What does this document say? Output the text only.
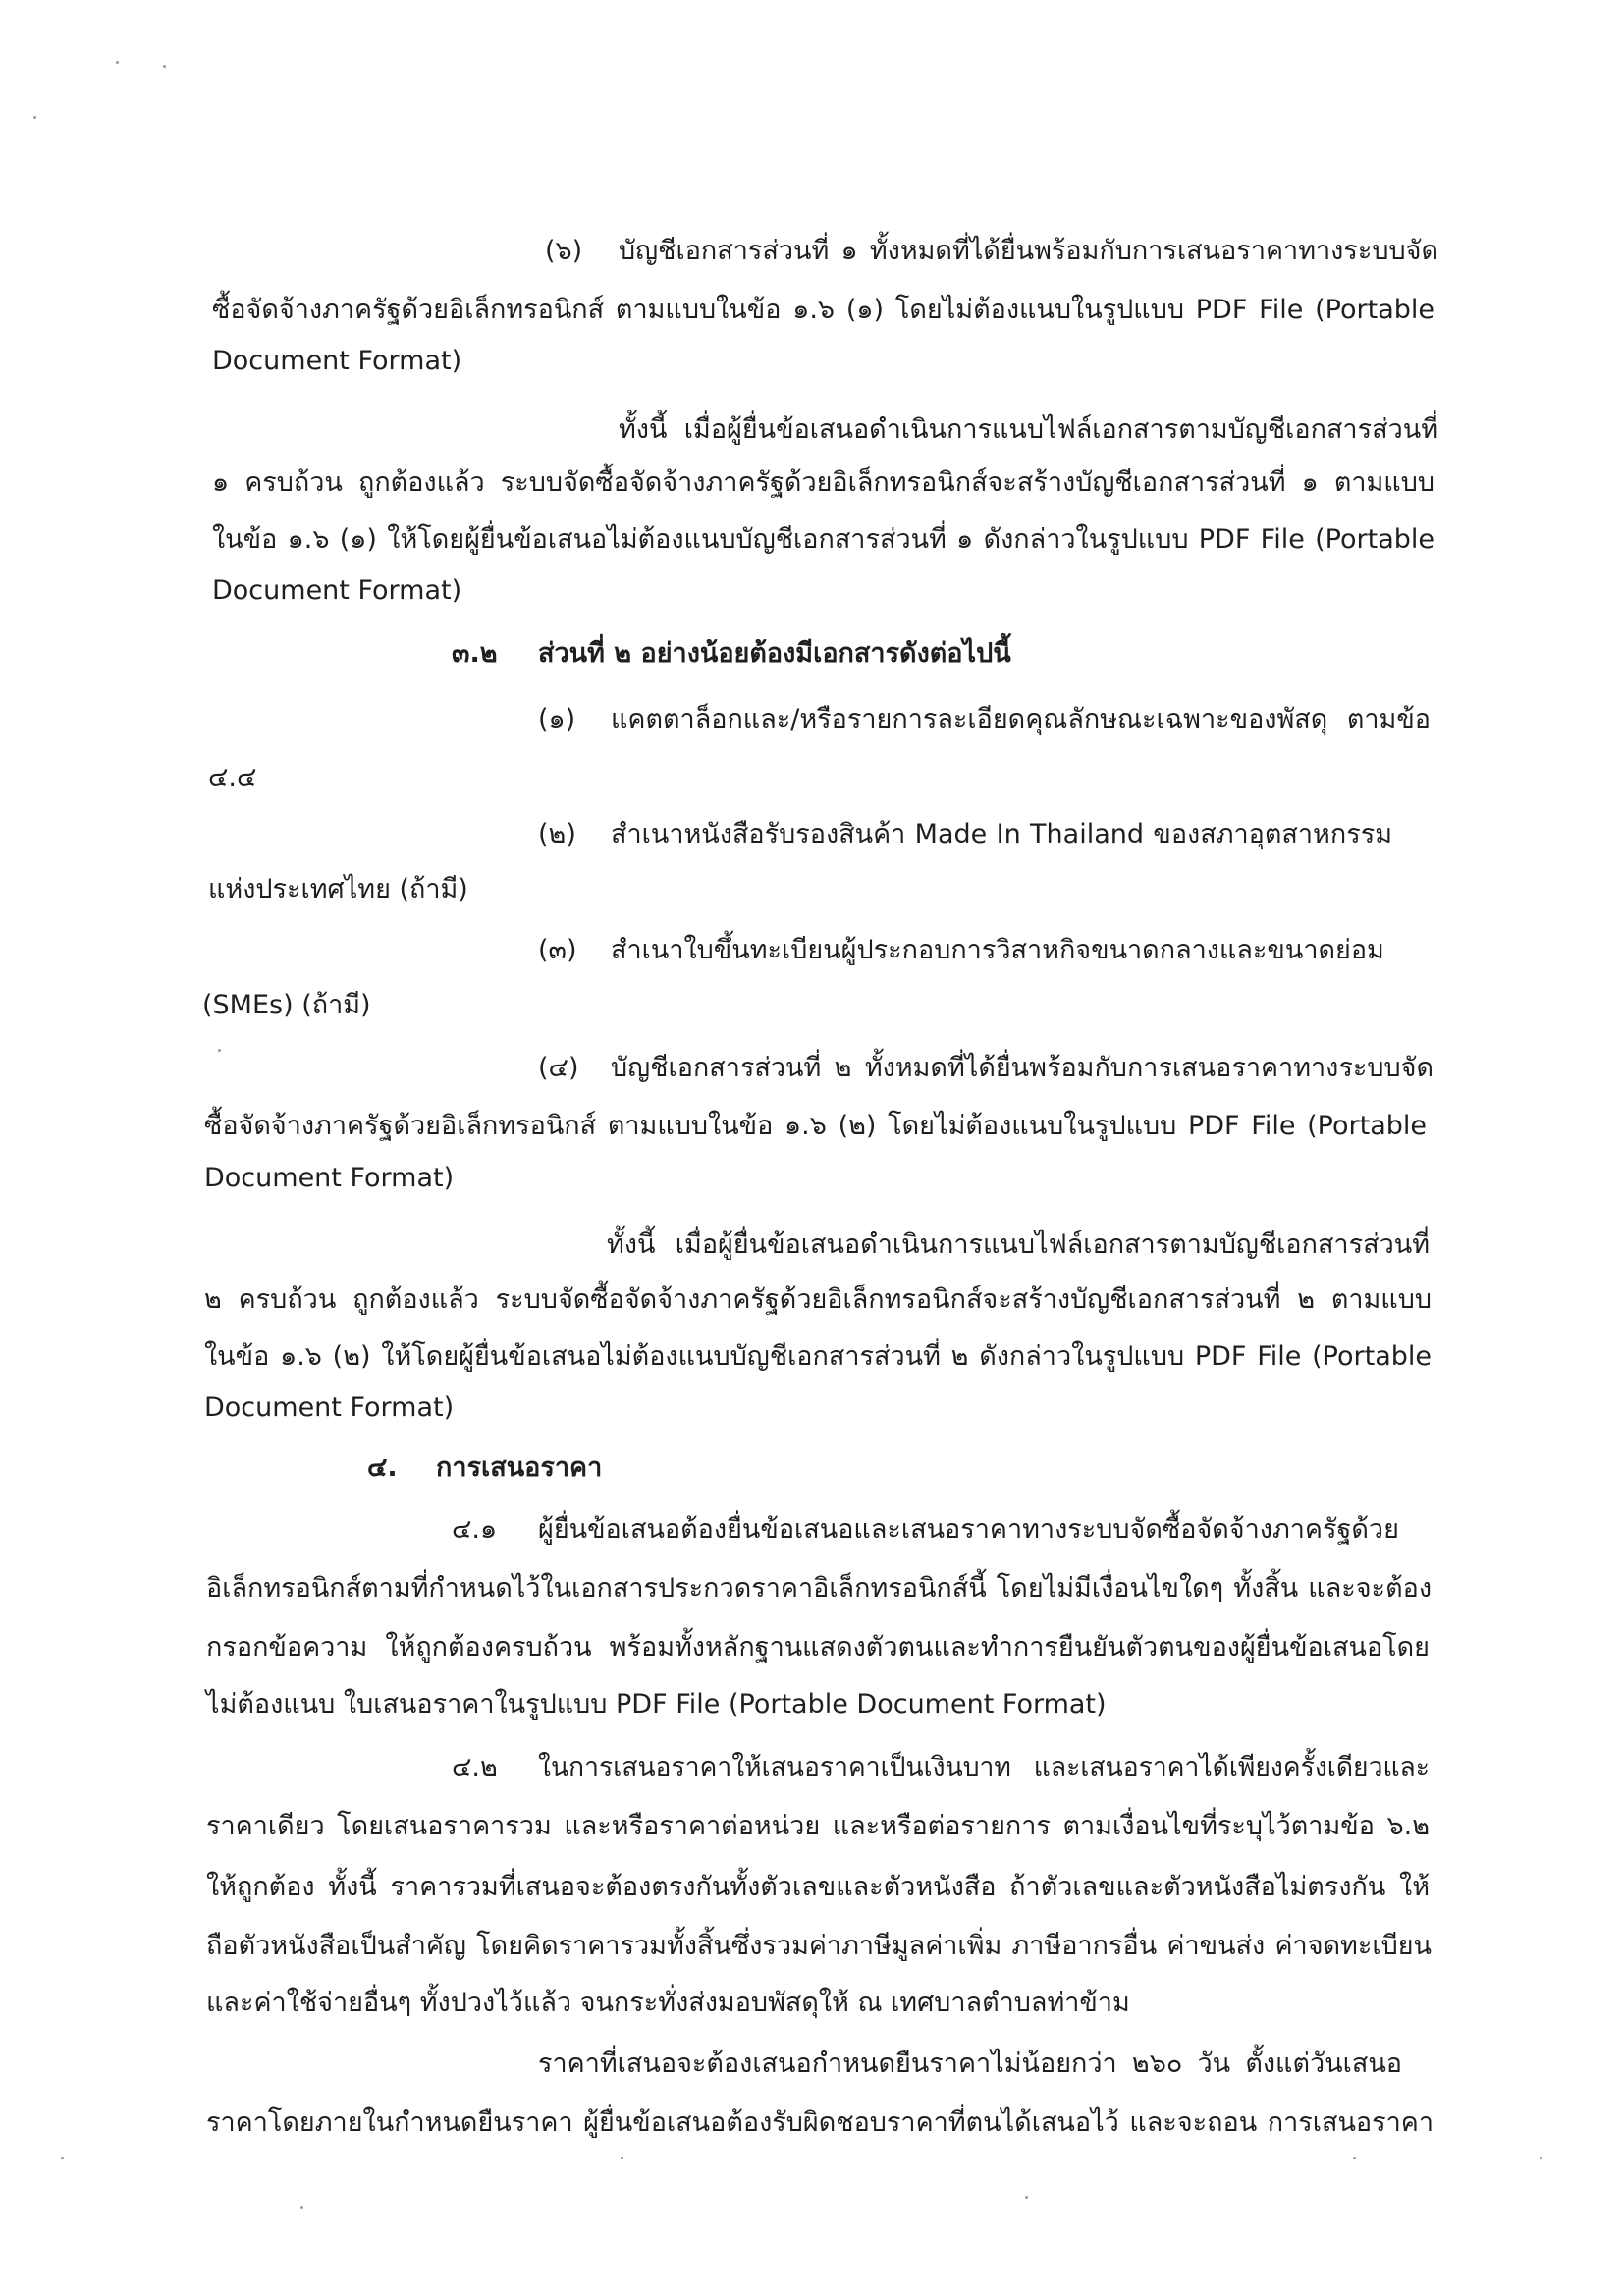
(๖) บัญชีเอกสารส่วนที่ ๑ ทั้งหมดที่ได้ยื่นพร้อมกับการเสนอราคาทางระบบจัด
ซื้อจัดจ้างภาครัฐด้วยอิเล็กทรอนิกส์ ตามแบบในข้อ ๑.๖ (๑) โดยไม่ต้องแนบในรูปแบบ PDF File (Portable
Document Format)
ทั้งนี้ เมื่อผู้ยื่นข้อเสนอดำเนินการแนบไฟล์เอกสารตามบัญชีเอกสารส่วนที่
๑ ครบถ้วน ถูกต้องแล้ว ระบบจัดซื้อจัดจ้างภาครัฐด้วยอิเล็กทรอนิกส์จะสร้างบัญชีเอกสารส่วนที่ ๑ ตามแบบ
ในข้อ ๑.๖ (๑) ให้โดยผู้ยื่นข้อเสนอไม่ต้องแนบบัญชีเอกสารส่วนที่ ๑ ดังกล่าวในรูปแบบ PDF File (Portable
Document Format)
๓.๒ ส่วนที่ ๒ อย่างน้อยต้องมีเอกสารดังต่อไปนี้
(๑) แคตตาล็อกและ/หรือรายการละเอียดคุณลักษณะเฉพาะของพัสดุ ตามข้อ
๔.๔
(๒) สำเนาหนังสือรับรองสินค้า Made In Thailand ของสภาอุตสาหกรรม
แห่งประเทศไทย (ถ้ามี)
(๓) สำเนาใบขึ้นทะเบียนผู้ประกอบการวิสาหกิจขนาดกลางและขนาดย่อม
(SMEs) (ถ้ามี)
(๔) บัญชีเอกสารส่วนที่ ๒ ทั้งหมดที่ได้ยื่นพร้อมกับการเสนอราคาทางระบบจัด
ซื้อจัดจ้างภาครัฐด้วยอิเล็กทรอนิกส์ ตามแบบในข้อ ๑.๖ (๒) โดยไม่ต้องแนบในรูปแบบ PDF File (Portable
Document Format)
ทั้งนี้ เมื่อผู้ยื่นข้อเสนอดำเนินการแนบไฟล์เอกสารตามบัญชีเอกสารส่วนที่
๒ ครบถ้วน ถูกต้องแล้ว ระบบจัดซื้อจัดจ้างภาครัฐด้วยอิเล็กทรอนิกส์จะสร้างบัญชีเอกสารส่วนที่ ๒ ตามแบบ
ในข้อ ๑.๖ (๒) ให้โดยผู้ยื่นข้อเสนอไม่ต้องแนบบัญชีเอกสารส่วนที่ ๒ ดังกล่าวในรูปแบบ PDF File (Portable
Document Format)
๔. การเสนอราคา
๔.๑ ผู้ยื่นข้อเสนอต้องยื่นข้อเสนอและเสนอราคาทางระบบจัดซื้อจัดจ้างภาครัฐด้วย
อิเล็กทรอนิกส์ตามที่กำหนดไว้ในเอกสารประกวดราคาอิเล็กทรอนิกส์นี้ โดยไม่มีเงื่อนไขใดๆ ทั้งสิ้น และจะต้อง
กรอกข้อความ ให้ถูกต้องครบถ้วน พร้อมทั้งหลักฐานแสดงตัวตนและทำการยืนยันตัวตนของผู้ยื่นข้อเสนอโดย
ไม่ต้องแนบ ใบเสนอราคาในรูปแบบ PDF File (Portable Document Format)
๔.๒ ในการเสนอราคาให้เสนอราคาเป็นเงินบาท และเสนอราคาได้เพียงครั้งเดียวและ
ราคาเดียว โดยเสนอราคารวม และหรือราคาต่อหน่วย และหรือต่อรายการ ตามเงื่อนไขที่ระบุไว้ตามข้อ ๖.๒
ให้ถูกต้อง ทั้งนี้ ราคารวมที่เสนอจะต้องตรงกันทั้งตัวเลขและตัวหนังสือ ถ้าตัวเลขและตัวหนังสือไม่ตรงกัน ให้
ถือตัวหนังสือเป็นสำคัญ โดยคิดราคารวมทั้งสิ้นซึ่งรวมค่าภาษีมูลค่าเพิ่ม ภาษีอากรอื่น ค่าขนส่ง ค่าจดทะเบียน
และค่าใช้จ่ายอื่นๆ ทั้งปวงไว้แล้ว จนกระทั่งส่งมอบพัสดุให้ ณ เทศบาลตำบลท่าข้าม
ราคาที่เสนอจะต้องเสนอกำหนดยืนราคาไม่น้อยกว่า ๒๖๐ วัน ตั้งแต่วันเสนอ
ราคาโดยภายในกำหนดยืนราคา ผู้ยื่นข้อเสนอต้องรับผิดชอบราคาที่ตนได้เสนอไว้ และจะถอน การเสนอราคา
